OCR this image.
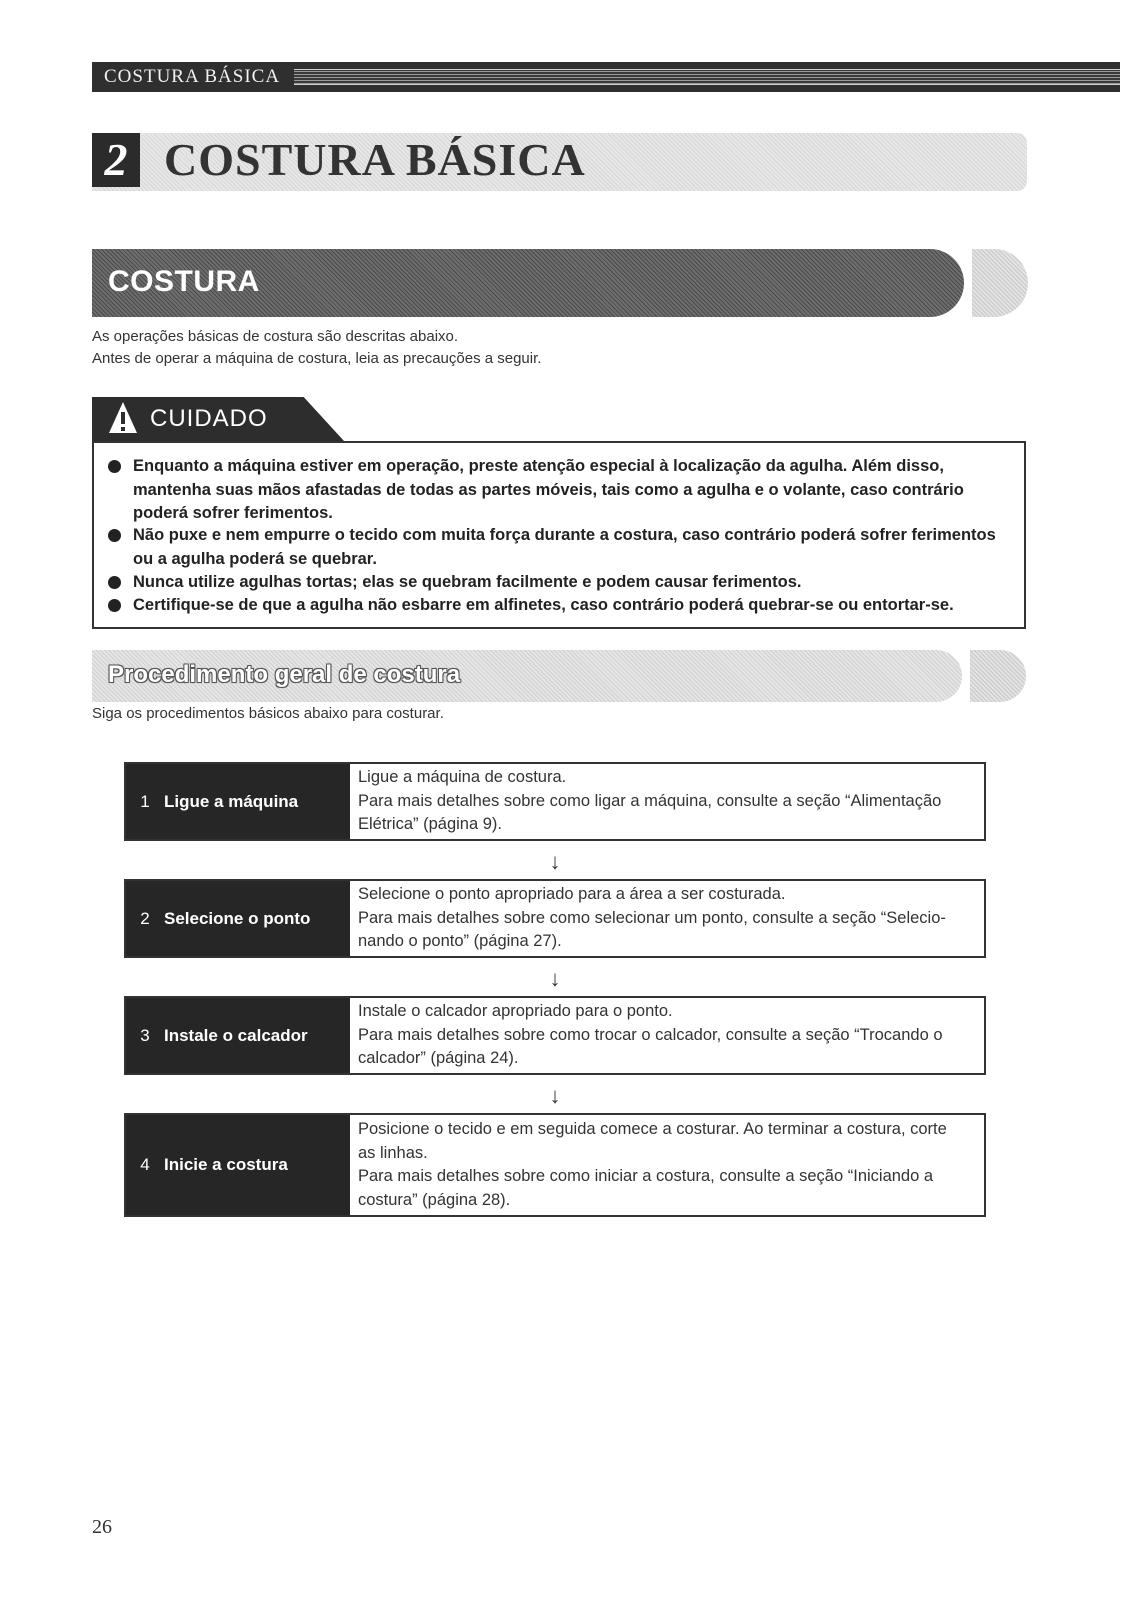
COSTURA BÁSICA
2 COSTURA BÁSICA
COSTURA
As operações básicas de costura são descritas abaixo.
Antes de operar a máquina de costura, leia as precauções a seguir.
CUIDADO
Enquanto a máquina estiver em operação, preste atenção especial à localização da agulha. Além disso, mantenha suas mãos afastadas de todas as partes móveis, tais como a agulha e o volante, caso contrário poderá sofrer ferimentos.
Não puxe e nem empurre o tecido com muita força durante a costura, caso contrário poderá sofrer ferimentos ou a agulha poderá se quebrar.
Nunca utilize agulhas tortas; elas se quebram facilmente e podem causar ferimentos.
Certifique-se de que a agulha não esbarre em alfinetes, caso contrário poderá quebrar-se ou entortar-se.
Procedimento geral de costura
Siga os procedimentos básicos abaixo para costurar.
1 Ligue a máquina
Ligue a máquina de costura.
Para mais detalhes sobre como ligar a máquina, consulte a seção “Alimentação
Elétrica” (página 9).
↓
2 Selecione o ponto
Selecione o ponto apropriado para a área a ser costurada.
Para mais detalhes sobre como selecionar um ponto, consulte a seção “Selecio-
nando o ponto” (página 27).
↓
3 Instale o calcador
Instale o calcador apropriado para o ponto.
Para mais detalhes sobre como trocar o calcador, consulte a seção “Trocando o
calcador” (página 24).
↓
4 Inicie a costura
Posicione o tecido e em seguida comece a costurar. Ao terminar a costura, corte
as linhas.
Para mais detalhes sobre como iniciar a costura, consulte a seção “Iniciando a
costura” (página 28).
26
